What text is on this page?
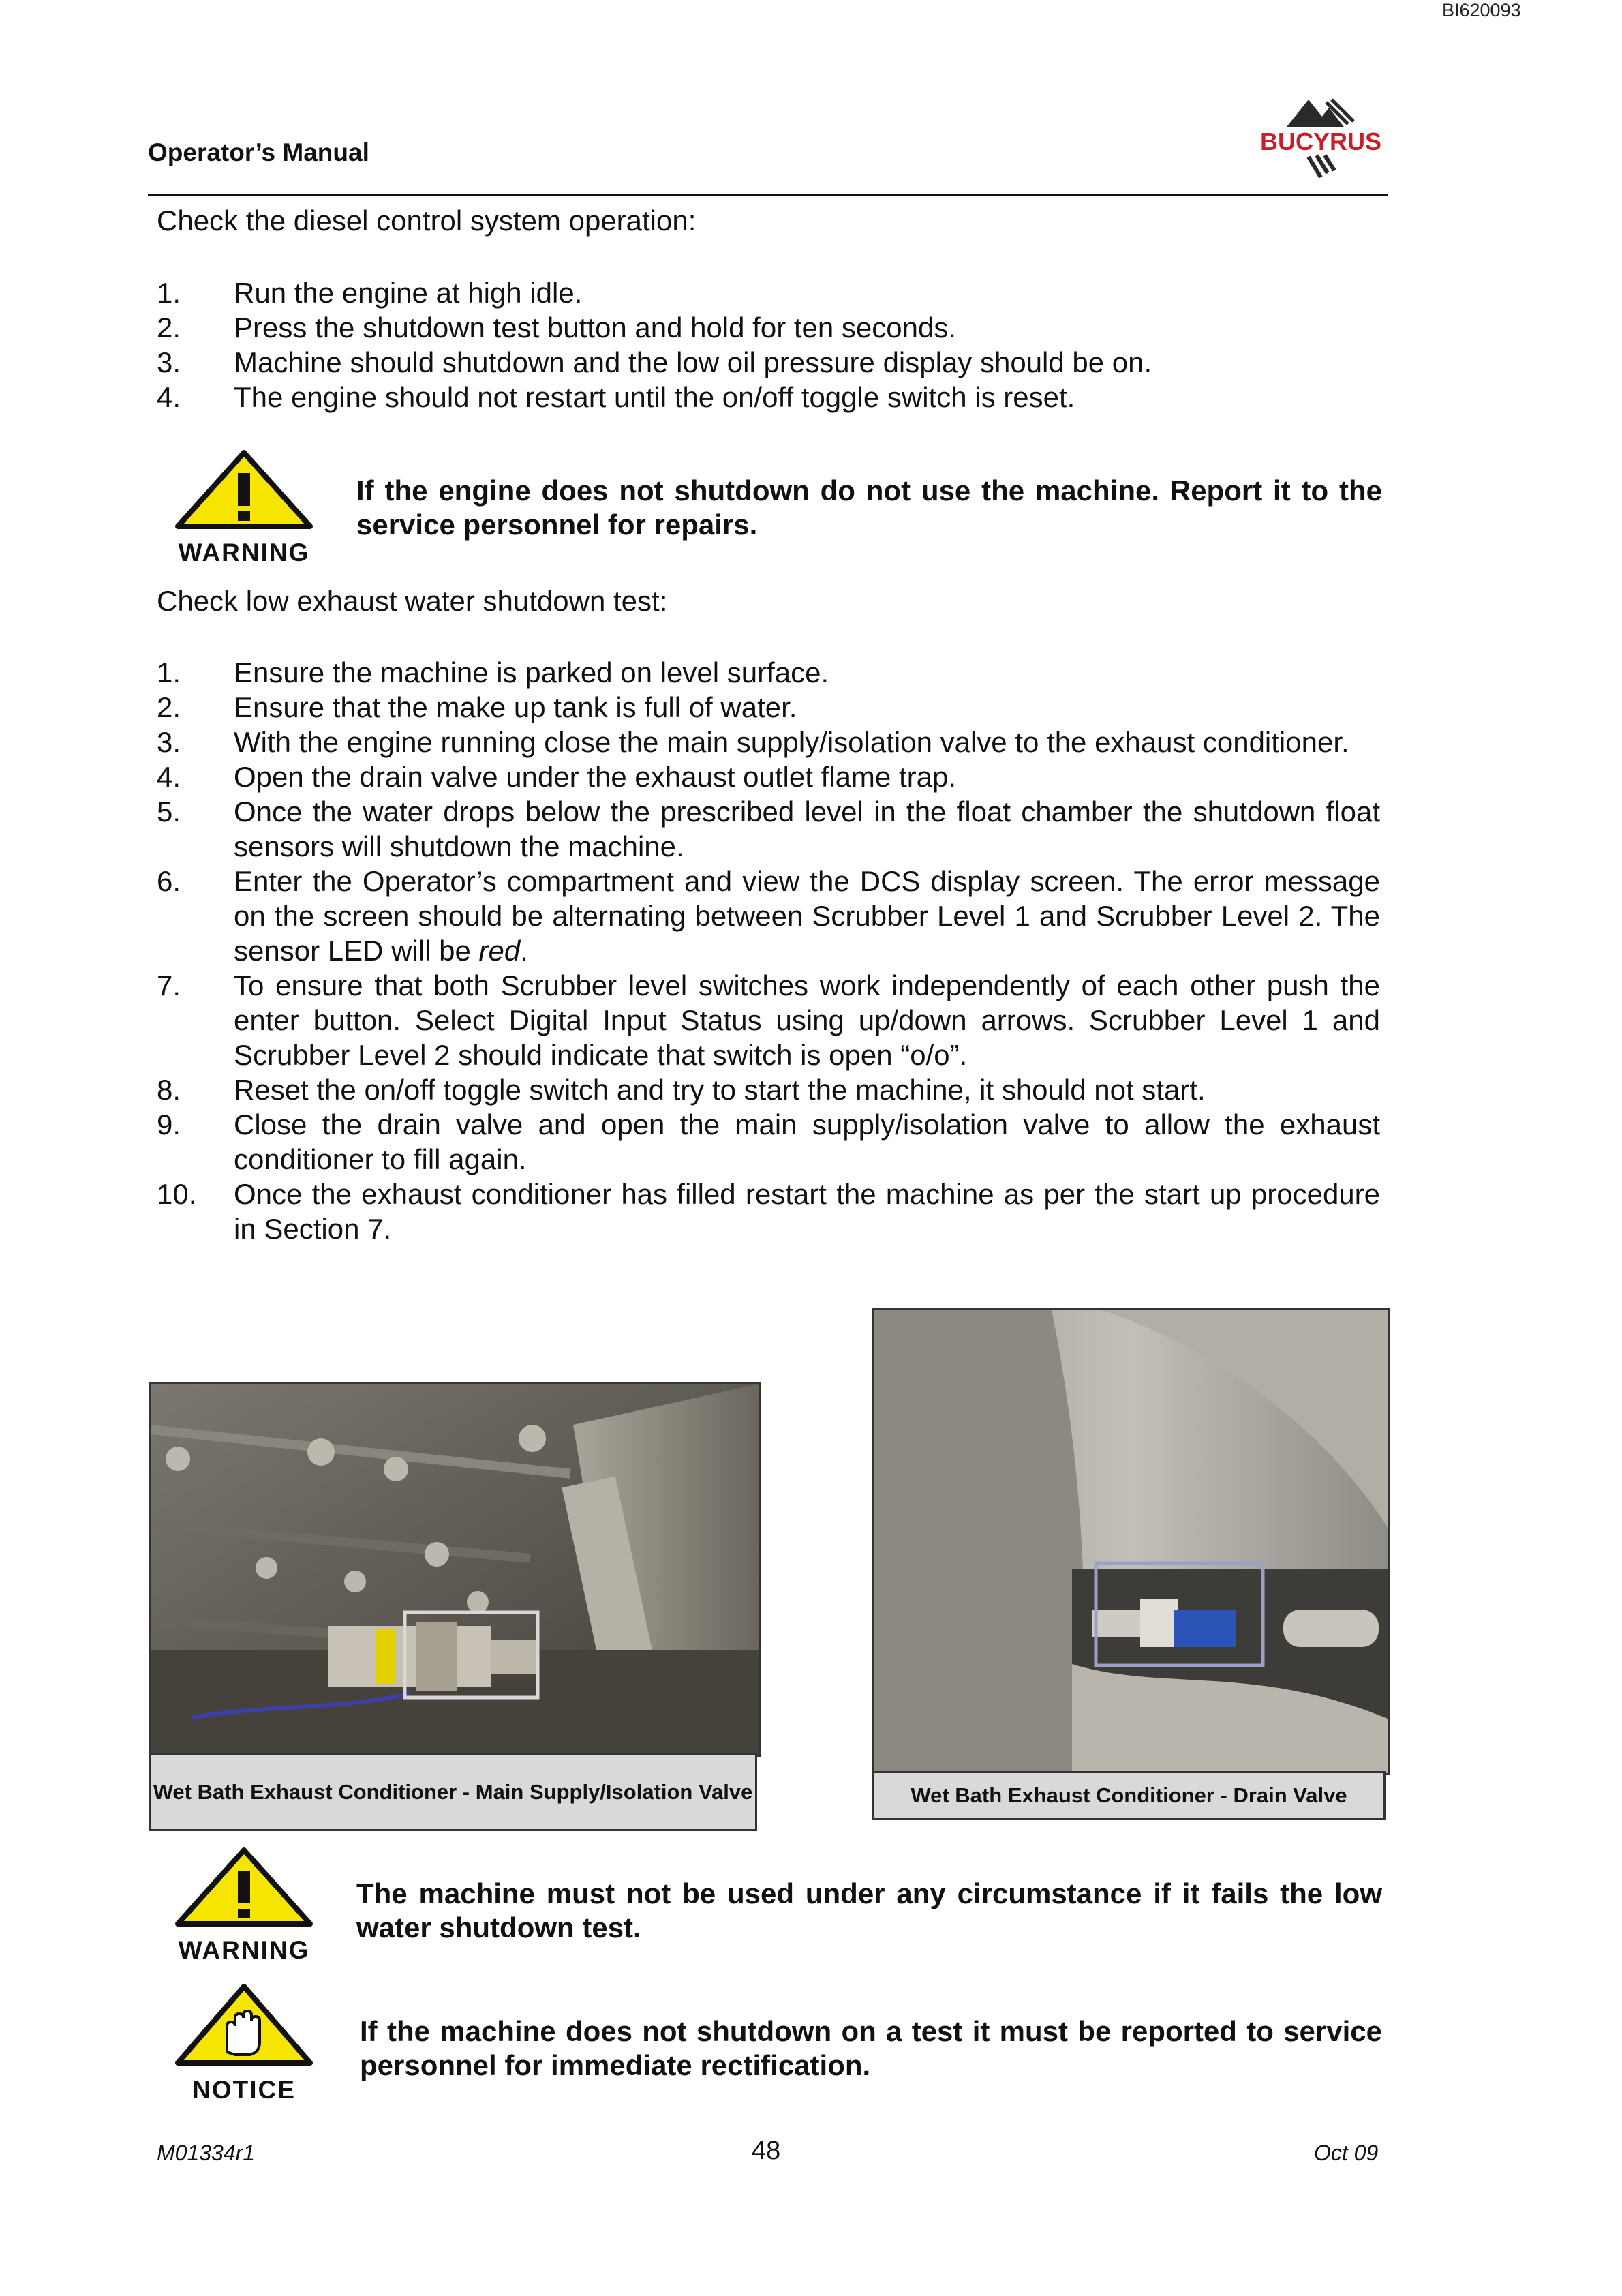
BI620093
Operator’s Manual	BUCYRUS
Check the diesel control system operation:
1. Run the engine at high idle.
2. Press the shutdown test button and hold for ten seconds.
3. Machine should shutdown and the low oil pressure display should be on.
4. The engine should not restart until the on/off toggle switch is reset.
WARNING
If the engine does not shutdown do not use the machine. Report it to the service personnel for repairs.
Check low exhaust water shutdown test:
1. Ensure the machine is parked on level surface.
2. Ensure that the make up tank is full of water.
3. With the engine running close the main supply/isolation valve to the exhaust conditioner.
4. Open the drain valve under the exhaust outlet flame trap.
5. Once the water drops below the prescribed level in the float chamber the shutdown float sensors will shutdown the machine.
6. Enter the Operator’s compartment and view the DCS display screen. The error message on the screen should be alternating between Scrubber Level 1 and Scrubber Level 2. The sensor LED will be red.
7. To ensure that both Scrubber level switches work independently of each other push the enter button. Select Digital Input Status using up/down arrows. Scrubber Level 1 and Scrubber Level 2 should indicate that switch is open “o/o”.
8. Reset the on/off toggle switch and try to start the machine, it should not start.
9. Close the drain valve and open the main supply/isolation valve to allow the exhaust conditioner to fill again.
10. Once the exhaust conditioner has filled restart the machine as per the start up procedure in Section 7.
Wet Bath Exhaust Conditioner - Main Supply/Isolation Valve	Wet Bath Exhaust Conditioner - Drain Valve
WARNING
The machine must not be used under any circumstance if it fails the low water shutdown test.
NOTICE
If the machine does not shutdown on a test it must be reported to service personnel for immediate rectification.
M01334r1	48	Oct 09
